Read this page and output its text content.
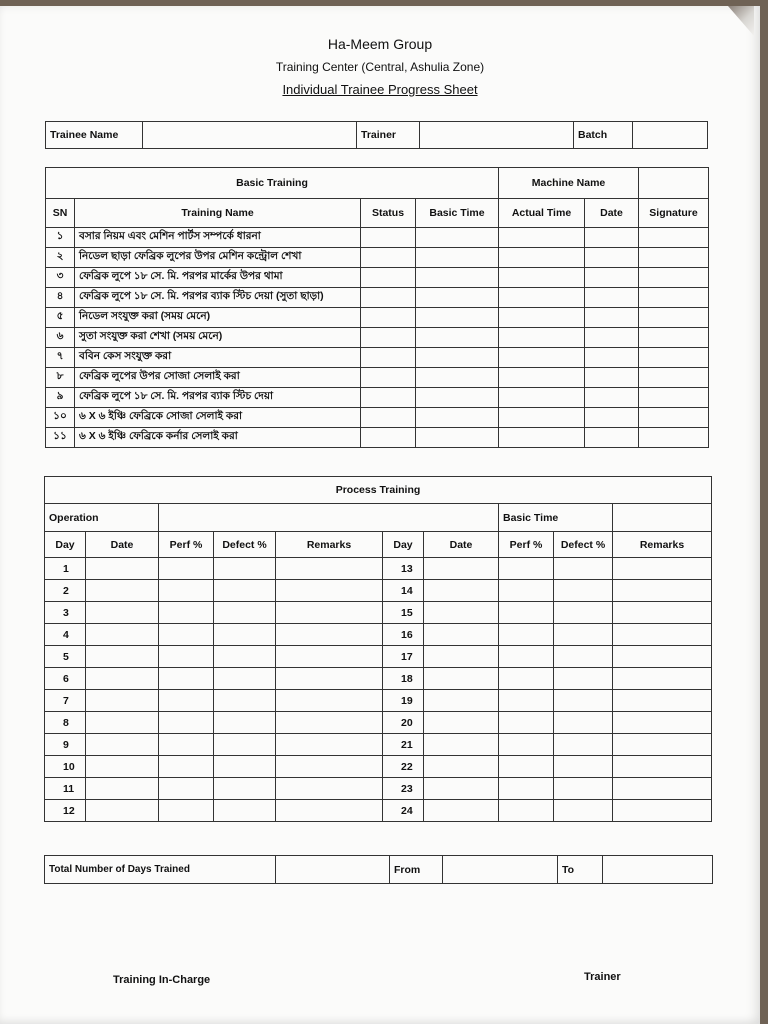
Ha-Meem Group
Training Center (Central, Ashulia Zone)
Individual Trainee Progress Sheet
Trainee Name		Trainer		Batch	
Basic Training				Machine Name		
SN	Training Name	Status	Basic Time	Actual Time	Date	Signature
১	বসার নিয়ম এবং মেশিন পার্টস সম্পর্কে ধারনা					
২	নিডেল ছাড়া ফেব্রিক লুপের উপর মেশিন কন্ট্রোল শেখা					
৩	ফেব্রিক লুপে ১৮ সে. মি. পরপর মার্কের উপর থামা					
৪	ফেব্রিক লুপে ১৮ সে. মি. পরপর ব্যাক স্টিচ দেয়া (সুতা ছাড়া)					
৫	নিডেল সংযুক্ত করা (সময় মেনে)					
৬	সুতা সংযুক্ত করা শেখা (সময় মেনে)					
৭	ববিন কেস সংযুক্ত করা					
৮	ফেব্রিক লুপের উপর সোজা সেলাই করা					
৯	ফেব্রিক লুপে ১৮ সে. মি. পরপর ব্যাক স্টিচ দেয়া					
১০	৬ X ৬ ইঞ্চি ফেব্রিকে সোজা সেলাই করা					
১১	৬ X ৬ ইঞ্চি ফেব্রিকে কর্নার সেলাই করা					
Process Training									
Operation							Basic Time		
Day	Date	Perf %	Defect %	Remarks	Day	Date	Perf %	Defect %	Remarks
1					13				
2					14				
3					15				
4					16				
5					17				
6					18				
7					19				
8					20				
9					21				
10					22				
11					23				
12					24				
Total Number of Days Trained		From		To	
Training In-Charge	Trainer
